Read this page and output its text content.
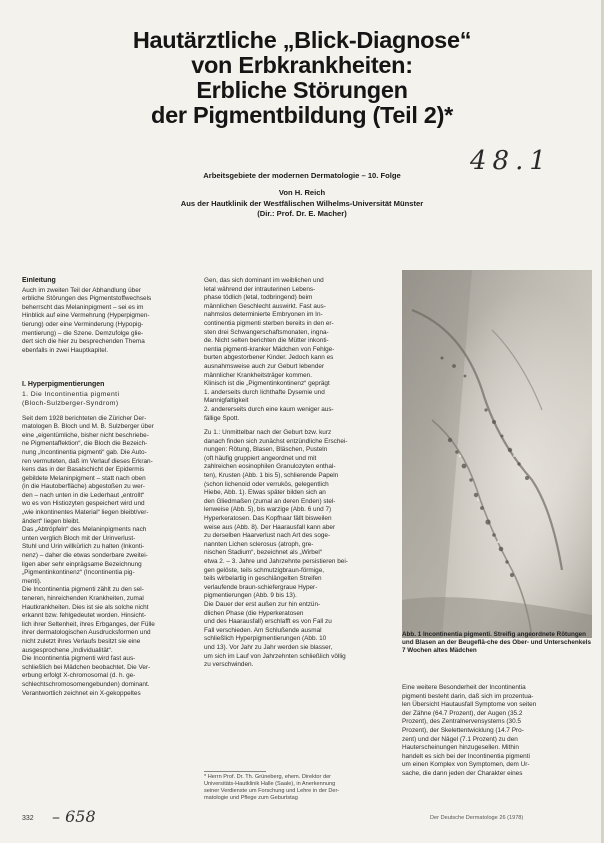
Hautärztliche „Blick-Diagnose“
von Erbkrankheiten:
Erbliche Störungen
der Pigmentbildung (Teil 2)*
48.1
Arbeitsgebiete der modernen Dermatologie – 10. Folge
Von H. Reich
Aus der Hautklinik der Westfälischen Wilhelms-Universität Münster
(Dir.: Prof. Dr. E. Macher)

Einleitung

Auch im zweiten Teil der Abhandlung über
erbliche Störungen des Pigmentstoffwechsels
beherrscht das Melaninpigment – sei es im
Hinblick auf eine Vermehrung (Hyperpigmen-
tierung) oder eine Verminderung (Hypopig-
mentierung) – die Szene. Demzufolge glie-
dert sich die hier zu besprechenden Thema
ebenfalls in zwei Hauptkapitel.

I. Hyperpigmentierungen

1. Die Incontinentia pigmenti
(Bloch-Sulzberger-Syndrom)
Seit dem 1928 berichteten die Züricher Der-
matologen B. Bloch und M. B. Sulzberger über
eine „eigentümliche, bisher nicht beschriebe-
ne Pigmentaffektion“, die Bloch die Bezeich-
nung „Incontinentia pigmenti“ gab. Die Auto-
ren vermuteten, daß im Verlauf dieses Erkran-
kens das in der Basalschicht der Epidermis
gebildete Melaninpigment – statt nach oben
(in die Hautoberfläche) abgestoßen zu wer-
den – nach unten in die Lederhaut „entrollt“
wo es von Histiozyten gespeichert wird und
„wie inkontinentes Material“ liegen bleibt/ver-
ändert“ liegen bleibt.
Das „Abtröpfeln“ des Melaninpigments nach
unten verglich Bloch mit der Urinverlust-
Stuhl und Urin willkürlich zu halten (Inkonti-
nenz) – daher die etwas sonderbare zweitei-
ligen aber sehr einprägsame Bezeichnung
„Pigmentinkontinenz“ (Incontinentia pig-
menti).
Die Incontinentia pigmenti zählt zu den sel-
teneren, hinreichenden Krankheiten, zumal
Hautkrankheiten. Dies ist sie als solche nicht
erkannt bzw. fehlgedeutet worden. Hinsicht-
lich ihrer Seltenheit, ihres Erbganges, der Fülle
ihrer dermatologischen Ausdrucksformen und
nicht zuletzt ihres Verlaufs besitzt sie eine
ausgesprochene „Individualität“.
Die Incontinentia pigmenti wird fast aus-
schließlich bei Mädchen beobachtet. Die Ver-
erbung erfolgt X-chromosomal (d. h. ge-
schlechtschromosomengebunden) dominant.
Verantwortlich zeichnet ein X-gekoppeltes
Gen, das sich dominant im weiblichen und
letal während der intrauterinen Lebens-
phase tödlich (letal, todbringend) beim
männlichen Geschlecht auswirkt. Fast aus-
nahmslos determinierte Embryonen im In-
continentia pigmenti sterben bereits in den er-
sten drei Schwangerschaftsmonaten, ingna-
de. Nicht selten berichten die Mütter inkonti-
nentia pigmenti-kranker Mädchen von Fehlge-
burten abgestorbener Kinder. Jedoch kann es
ausnahmsweise auch zur Geburt lebender
männlicher Krankheitsträger kommen.
Klinisch ist die „Pigmentinkontinenz“ geprägt
1. anderseits durch lichthafte Dysemie und
Mannigfaltigkeit
2. andererseits durch eine kaum weniger aus-
fällige Spott.
Zu 1.: Unmittelbar nach der Geburt bzw. kurz
danach finden sich zunächst entzündliche Erschei-
nungen: Rötung, Blasen, Bläschen, Pusteln
(oft häufig gruppiert angeordnet und mit
zahlreichen eosinophilen Granulozyten enthal-
ten), Krusten (Abb. 1 bis 5), schlierende Papeln
(schon lichenoid oder verrukös, gelegentlich
Hiebe, Abb. 1). Etwas später bilden sich an
den Gliedmaßen (zumal an deren Enden) stel-
lenweise (Abb. 5), bis warzige (Abb. 6 und 7)
Hyperkeratosen. Das Kopfhaar fällt bisweilen
weise aus (Abb. 8). Der Haarausfall kann aber
zu derselben Haarverlust nach Art des soge-
nannten Lichen sclerosus (atroph, gre-
nischen Stadium“, bezeichnet als „Wirbel“
etwa 2. – 3. Jahre und Jahrzehnte persistieren bei-
gen gelöste, teils schmutzigbraun-förmige,
teils wirbelartig in geschlängelten Streifen
verlaufende braun-schiefergraue Hyper-
pigmentierungen (Abb. 9 bis 13).
Die Dauer der erst außen zur hin entzün-
dlichen Phase (die Hyperkeratosen
und des Haarausfall) erschlafft es von Fall zu
Fall verschieden. Am Schlußende ausmal
schließlich Hyperpigmentierungen (Abb. 10
und 13). Vor Jahr zu Jahr werden sie blasser,
um sich im Lauf von Jahrzehnten schließlich völlig
zu verschwinden.
* Herrn Prof. Dr. Th. Grüneberg, ehem. Direktor der
Universitäts-Hautklinik Halle (Saale), in Anerkennung
seiner Verdienste um Forschung und Lehre in der Der-
matologie und Pflege zum Geburtstag
Abb. 1 Incontinentia pigmenti. Streifig angeordnete Rötungen und Blasen an der Beugeflä-che des Ober- und Unterschenkels 7 Wochen altes Mädchen
Eine weitere Besonderheit der Incontinentia
pigmenti besteht darin, daß sich im prozentua-
len Übersicht Hautausfall Symptome von seiten
der Zähne (64.7 Prozent), der Augen (35.2
Prozent), des Zentralnervensystems (30.5
Prozent), der Skelettentwicklung (14.7 Pro-
zent) und der Nägel (7.1 Prozent) zu den
Hauterscheinungen hinzugesellen. Mithin
handelt es sich bei der Incontinentia pigmenti
um einen Komplex von Symptomen, dem Ur-
sache, die dann jeden der Charakter eines
332 – 658	Der Deutsche Dermatologe 26 (1978)
